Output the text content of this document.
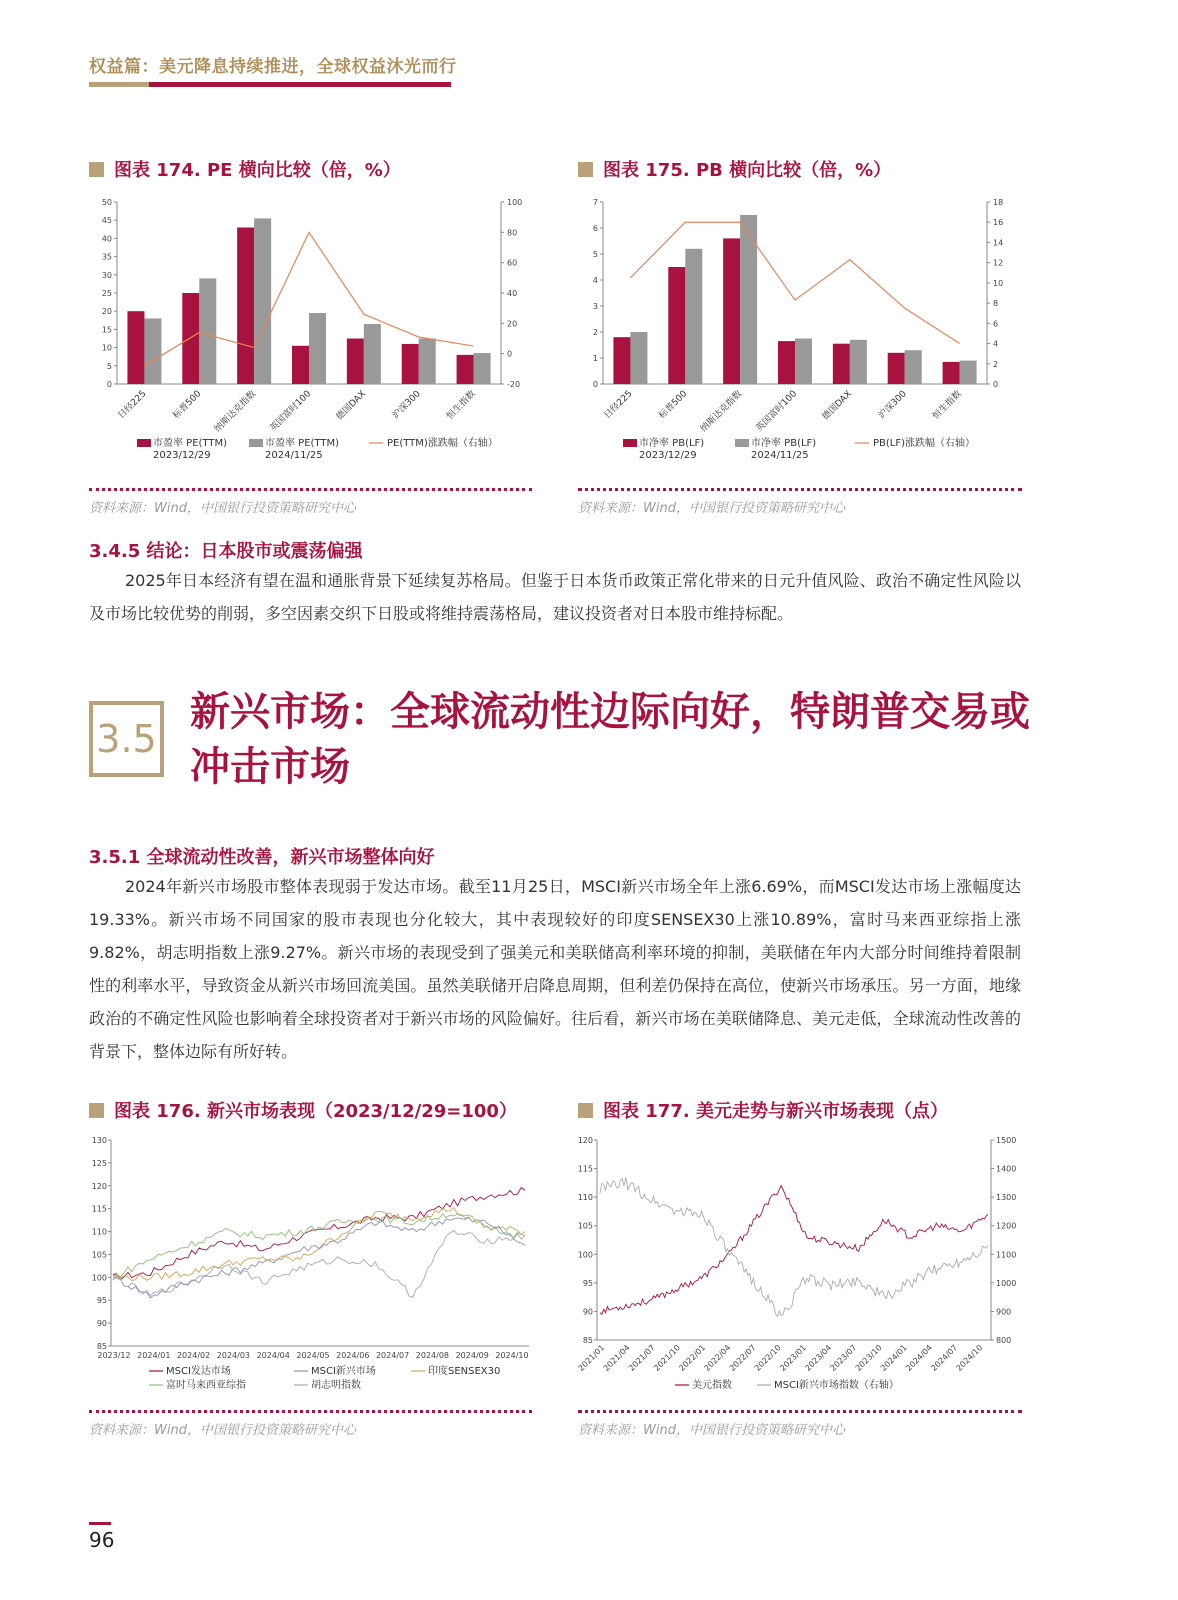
权益篇：美元降息持续推进，全球权益沐光而行
图表 174. PE 横向比较（倍，%）
0
5
10
15
20
25
30
35
40
45
50
-20
0
20
40
60
80
100
日经225	标普500 纳斯达克指数 英国富时100 德国DAX	沪深300 恒生指数
市盈率 PE(TTM)
2023/12/29
市盈率 PE(TTM)
2024/11/25
PE(TTM)涨跌幅（右轴）
资料来源：Wind，中国银行投资策略研究中心
图表 175. PB 横向比较（倍，%）
0
1
2
3
4
5
6
7
0
2
4
6
8
10
12
14
16
18
日经225	标普500 纳斯达克指数 英国富时100 德国DAX	沪深300 恒生指数
市净率 PB(LF)
2023/12/29
市净率 PB(LF)
2024/11/25
PB(LF)涨跌幅（右轴）
资料来源：Wind，中国银行投资策略研究中心
3.4.5 结论：日本股市或震荡偏强
2025年日本经济有望在温和通胀背景下延续复苏格局。但鉴于日本货币政策正常化带来的日元升值风险、政治不确定性风险以及市场比较优势的削弱，多空因素交织下日股或将维持震荡格局，建议投资者对日本股市维持标配。
3.5
新兴市场：全球流动性边际向好，特朗普交易或冲击市场
3.5.1 全球流动性改善，新兴市场整体向好
2024年新兴市场股市整体表现弱于发达市场。截至11月25日，MSCI新兴市场全年上涨6.69%，而MSCI发达市场上涨幅度达19.33%。新兴市场不同国家的股市表现也分化较大，其中表现较好的印度SENSEX30上涨10.89%，富时马来西亚综指上涨9.82%，胡志明指数上涨9.27%。新兴市场的表现受到了强美元和美联储高利率环境的抑制，美联储在年内大部分时间维持着限制性的利率水平，导致资金从新兴市场回流美国。虽然美联储开启降息周期，但利差仍保持在高位，使新兴市场承压。另一方面，地缘政治的不确定性风险也影响着全球投资者对于新兴市场的风险偏好。往后看，新兴市场在美联储降息、美元走低，全球流动性改善的背景下，整体边际有所好转。
图表 176. 新兴市场表现（2023/12/29=100）
85
90
95
100
105
110
115
120
125
130
2023/12 2024/01 2024/02 2024/03 2024/04 2024/05 2024/06 2024/07 2024/08 2024/09 2024/10
MSCI发达市场	MSCI新兴市场	印度SENSEX30
富时马来西亚综指	胡志明指数
资料来源：Wind，中国银行投资策略研究中心
图表 177. 美元走势与新兴市场表现（点）
85
90
95
100
105
110
115
120
800
900
1000
1100
1200
1300
1400
1500
2021/01
2021/04
2021/07
2021/10
2022/01
2022/04
2022/07
2022/10
2023/01
2023/04
2023/07
2023/10
2024/01
2024/04
2024/07
2024/10
美元指数	MSCI新兴市场指数（右轴）
资料来源：Wind，中国银行投资策略研究中心
96
